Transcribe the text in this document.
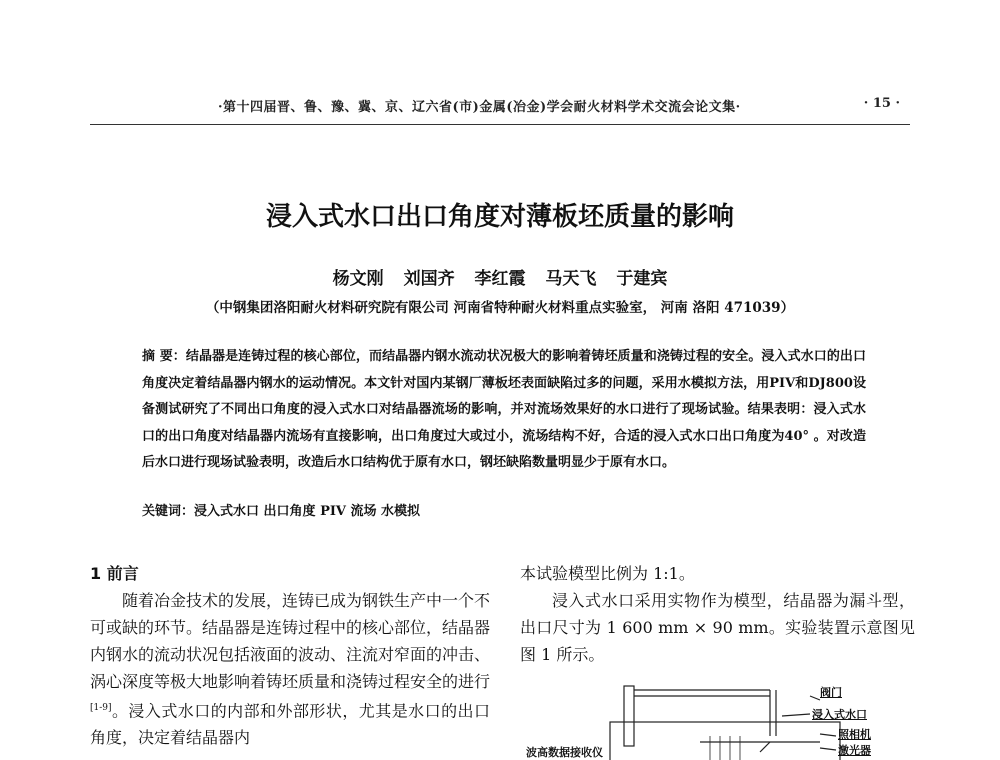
·第十四届晋、鲁、豫、冀、京、辽六省(市)金属(冶金)学会耐火材料学术交流会论文集·	· 15 ·
浸入式水口出口角度对薄板坯质量的影响
杨文刚 刘国齐 李红霞 马天飞 于建宾
（中钢集团洛阳耐火材料研究院有限公司 河南省特种耐火材料重点实验室， 河南 洛阳 471039）
摘 要：结晶器是连铸过程的核心部位，而结晶器内钢水流动状况极大的影响着铸坯质量和浇铸过程的安全。浸入式水口的出口角度决定着结晶器内钢水的运动情况。本文针对国内某钢厂薄板坯表面缺陷过多的问题，采用水模拟方法，用PIV和DJ800设备测试研究了不同出口角度的浸入式水口对结晶器流场的影响，并对流场效果好的水口进行了现场试验。结果表明：浸入式水口的出口角度对结晶器内流场有直接影响，出口角度过大或过小，流场结构不好，合适的浸入式水口出口角度为40° 。对改造后水口进行现场试验表明，改造后水口结构优于原有水口，钢坯缺陷数量明显少于原有水口。
关键词：浸入式水口 出口角度 PIV 流场 水模拟
1 前言
随着冶金技术的发展，连铸已成为钢铁生产中一个不可或缺的环节。结晶器是连铸过程中的核心部位，结晶器内钢水的流动状况包括液面的波动、注流对窄面的冲击、涡心深度等极大地影响着铸坯质量和浇铸过程安全的进行[1-9]。浸入式水口的内部和外部形状，尤其是水口的出口角度，决定着结晶器内
本试验模型比例为 1:1。
浸入式水口采用实物作为模型，结晶器为漏斗型，出口尺寸为 1 600 mm × 90 mm。实验装置示意图见图 1 所示。
阀门
浸入式水口
照相机
激光器
波高数据接收仪
